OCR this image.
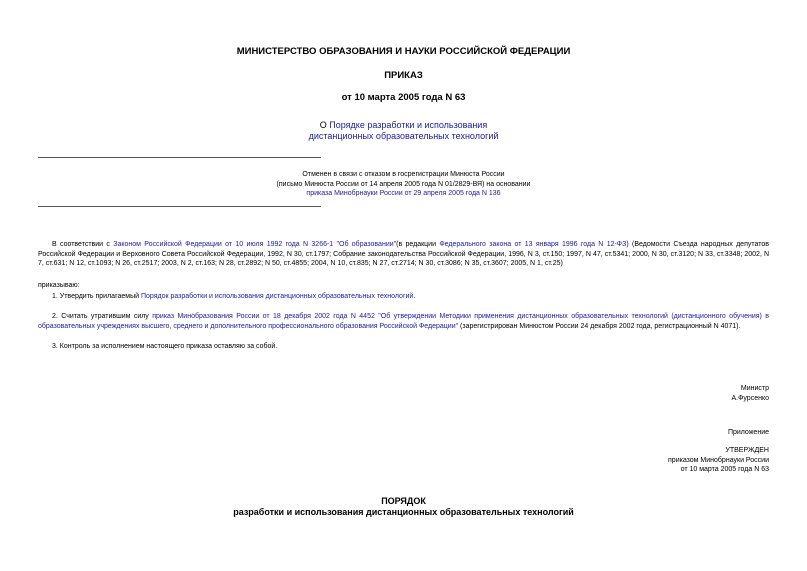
МИНИСТЕРСТВО ОБРАЗОВАНИЯ И НАУКИ РОССИЙСКОЙ ФЕДЕРАЦИИ
ПРИКАЗ
от 10 марта 2005 года N 63
О Порядке разработки и использования
дистанционных образовательных технологий
Отменен в связи с отказом в госрегистрации Минюста России
(письмо Минюста России от 14 апреля 2005 года N 01/2829-ВЯ) на основании
приказа Минобрнауки России от 29 апреля 2005 года N 136
В соответствии с Законом Российской Федерации от 10 июля 1992 года N 3266-1 "Об образовании"(в редакции Федерального закона от 13 января 1996 года N 12-ФЗ) (Ведомости Съезда народных депутатов Российской Федерации и Верховного Совета Российской Федерации, 1992, N 30, ст.1797; Собрание законодательства Российской Федерации, 1996, N 3, ст.150; 1997, N 47, ст.5341; 2000, N 30, ст.3120; N 33, ст.3348; 2002, N 7, ст.631; N 12, ст.1093; N 26, ст.2517; 2003, N 2, ст.163; N 28, ст.2892; N 50, ст.4855; 2004, N 10, ст.835; N 27, ст.2714; N 30, ст.3086; N 35, ст.3607; 2005, N 1, ст.25)
приказываю:
1. Утвердить прилагаемый Порядок разработки и использования дистанционных образовательных технологий.
2. Считать утратившим силу приказ Минобразования России от 18 декабря 2002 года N 4452 "Об утверждении Методики применения дистанционных образовательных технологий (дистанционного обучения) в образовательных учреждениях высшего, среднего и дополнительного профессионального образования Российской Федерации" (зарегистрирован Минюстом России 24 декабря 2002 года, регистрационный N 4071).
3. Контроль за исполнением настоящего приказа оставляю за собой.
Министр
А.Фурсенко
Приложение
УТВЕРЖДЕН
приказом Минобрнауки России
от 10 марта 2005 года N 63
ПОРЯДОК
разработки и использования дистанционных образовательных технологий
